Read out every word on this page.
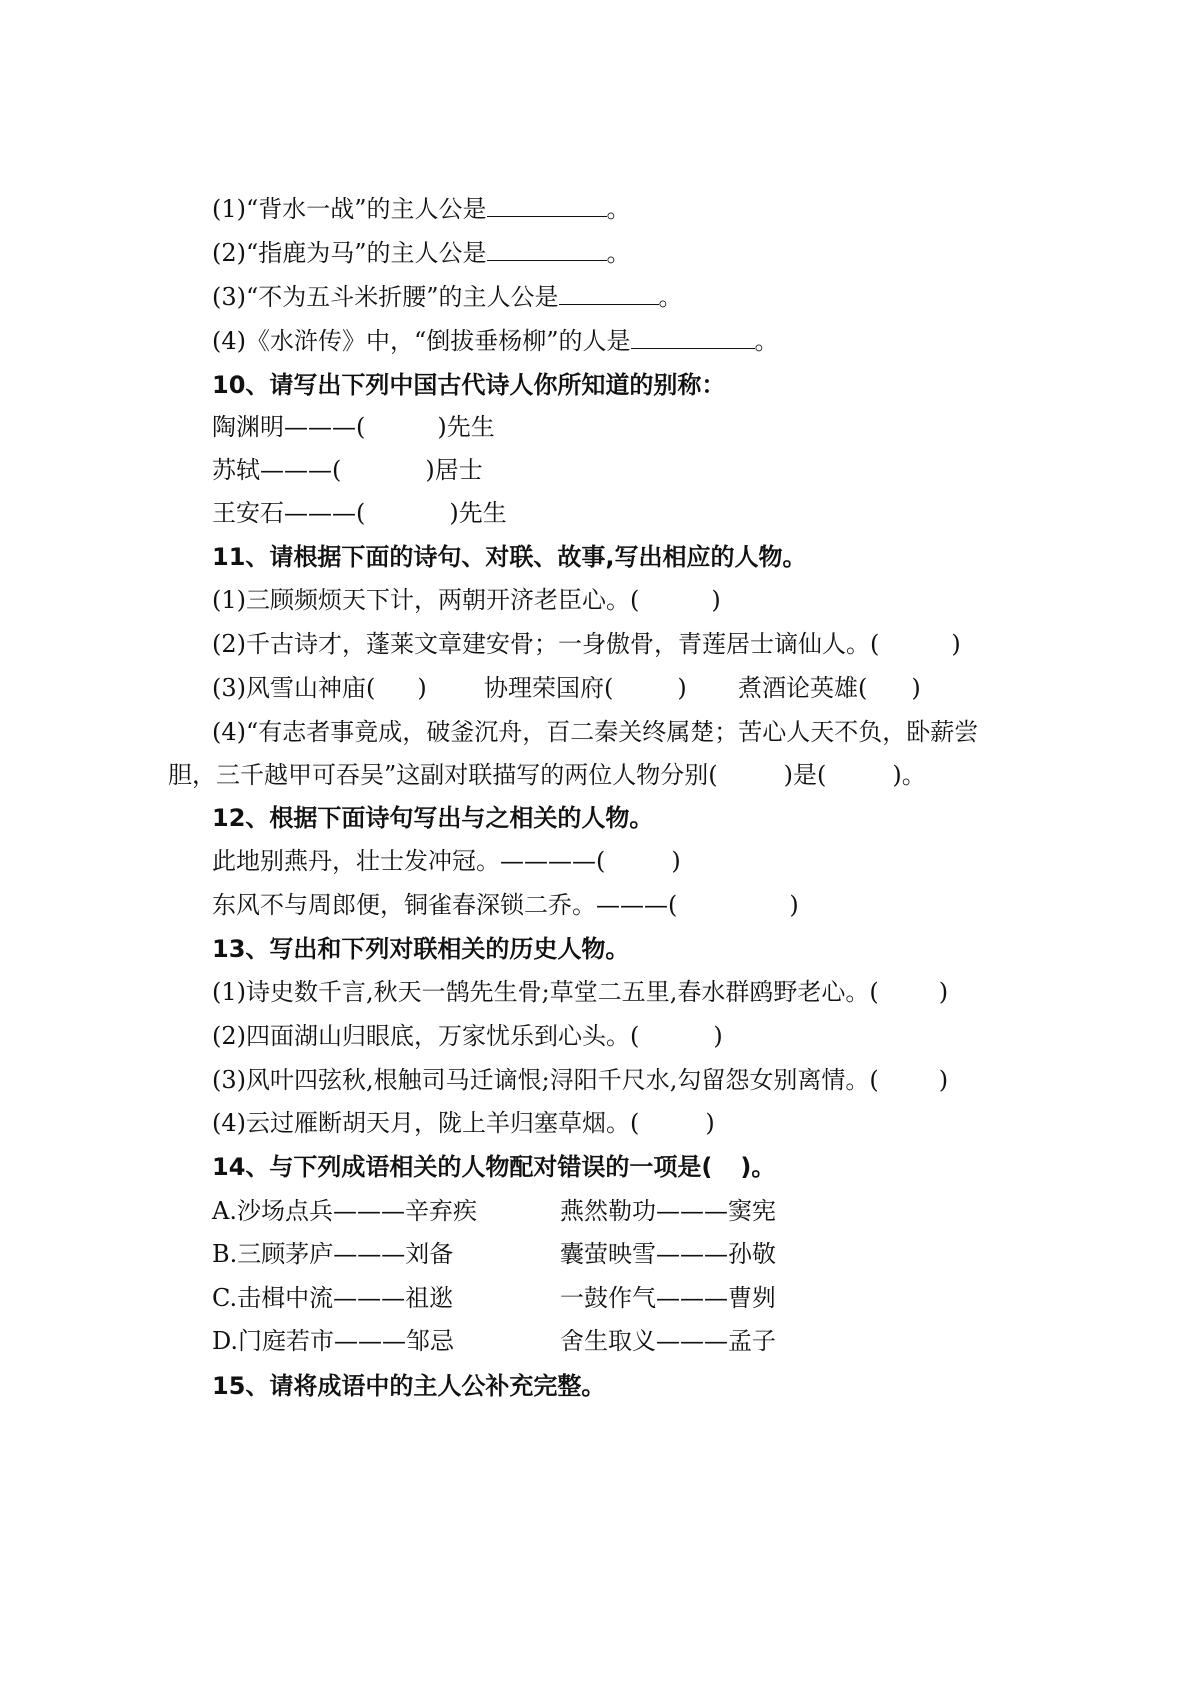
(1)“背水一战”的主人公是	。
(2)“指鹿为马”的主人公是	。
(3)“不为五斗米折腰”的主人公是	。
(4)《水浒传》中，“倒拔垂杨柳”的人是	。
10、请写出下列中国古代诗人你所知道的别称：
陶渊明———(	)先生
苏轼———(	)居士
王安石———(	)先生
11、请根据下面的诗句、对联、故事,写出相应的人物。
(1)三顾频烦天下计，两朝开济老臣心。(	)
(2)千古诗才，蓬莱文章建安骨；一身傲骨，青莲居士谪仙人。(	)
(3)风雪山神庙( ) 协理荣国府(	) 煮酒论英雄( )
(4)“有志者事竟成，破釜沉舟，百二秦关终属楚；苦心人天不负，卧薪尝
胆，三千越甲可吞吴”这副对联描写的两位人物分别(	)是(	)。
12、根据下面诗句写出与之相关的人物。
此地别燕丹，壮士发冲冠。————(	)
东风不与周郎便，铜雀春深锁二乔。———(	)
13、写出和下列对联相关的历史人物。
(1)诗史数千言,秋天一鹄先生骨;草堂二五里,春水群鸥野老心。(	)
(2)四面湖山归眼底，万家忧乐到心头。(	)
(3)风叶四弦秋,根触司马迁谪恨;浔阳千尺水,勾留怨女别离情。(	)
(4)云过雁断胡天月，陇上羊归塞草烟。(	)
14、与下列成语相关的人物配对错误的一项是( )。
A.沙场点兵———辛弃疾	燕然勒功———窦宪
B.三顾茅庐———刘备	囊萤映雪———孙敬
C.击楫中流———祖逖	一鼓作气———曹刿
D.门庭若市———邹忌	舍生取义———孟子
15、请将成语中的主人公补充完整。
